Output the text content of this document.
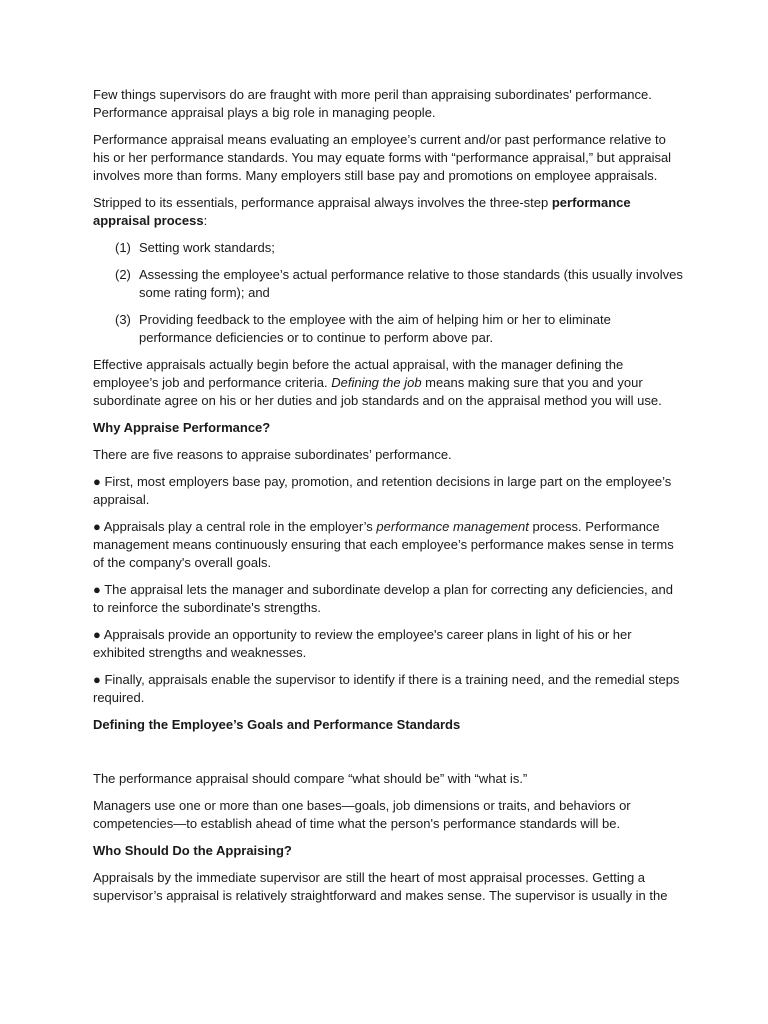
Few things supervisors do are fraught with more peril than appraising subordinates' performance. Performance appraisal plays a big role in managing people.

Performance appraisal means evaluating an employee’s current and/or past performance relative to his or her performance standards. You may equate forms with “performance appraisal,” but appraisal involves more than forms. Many employers still base pay and promotions on employee appraisals.

Stripped to its essentials, performance appraisal always involves the three-step performance appraisal process:

(1) Setting work standards;
(2) Assessing the employee’s actual performance relative to those standards (this usually involves some rating form); and
(3) Providing feedback to the employee with the aim of helping him or her to eliminate performance deficiencies or to continue to perform above par.

Effective appraisals actually begin before the actual appraisal, with the manager defining the employee’s job and performance criteria. Defining the job means making sure that you and your subordinate agree on his or her duties and job standards and on the appraisal method you will use.

Why Appraise Performance?

There are five reasons to appraise subordinates’ performance.

● First, most employers base pay, promotion, and retention decisions in large part on the employee’s appraisal.

● Appraisals play a central role in the employer’s performance management process. Performance management means continuously ensuring that each employee’s performance makes sense in terms of the company's overall goals.

● The appraisal lets the manager and subordinate develop a plan for correcting any deficiencies, and to reinforce the subordinate's strengths.

● Appraisals provide an opportunity to review the employee's career plans in light of his or her exhibited strengths and weaknesses.

● Finally, appraisals enable the supervisor to identify if there is a training need, and the remedial steps required.

Defining the Employee’s Goals and Performance Standards

The performance appraisal should compare “what should be” with “what is.”

Managers use one or more than one bases—goals, job dimensions or traits, and behaviors or competencies—to establish ahead of time what the person's performance standards will be.

Who Should Do the Appraising?

Appraisals by the immediate supervisor are still the heart of most appraisal processes. Getting a supervisor’s appraisal is relatively straightforward and makes sense. The supervisor is usually in the
